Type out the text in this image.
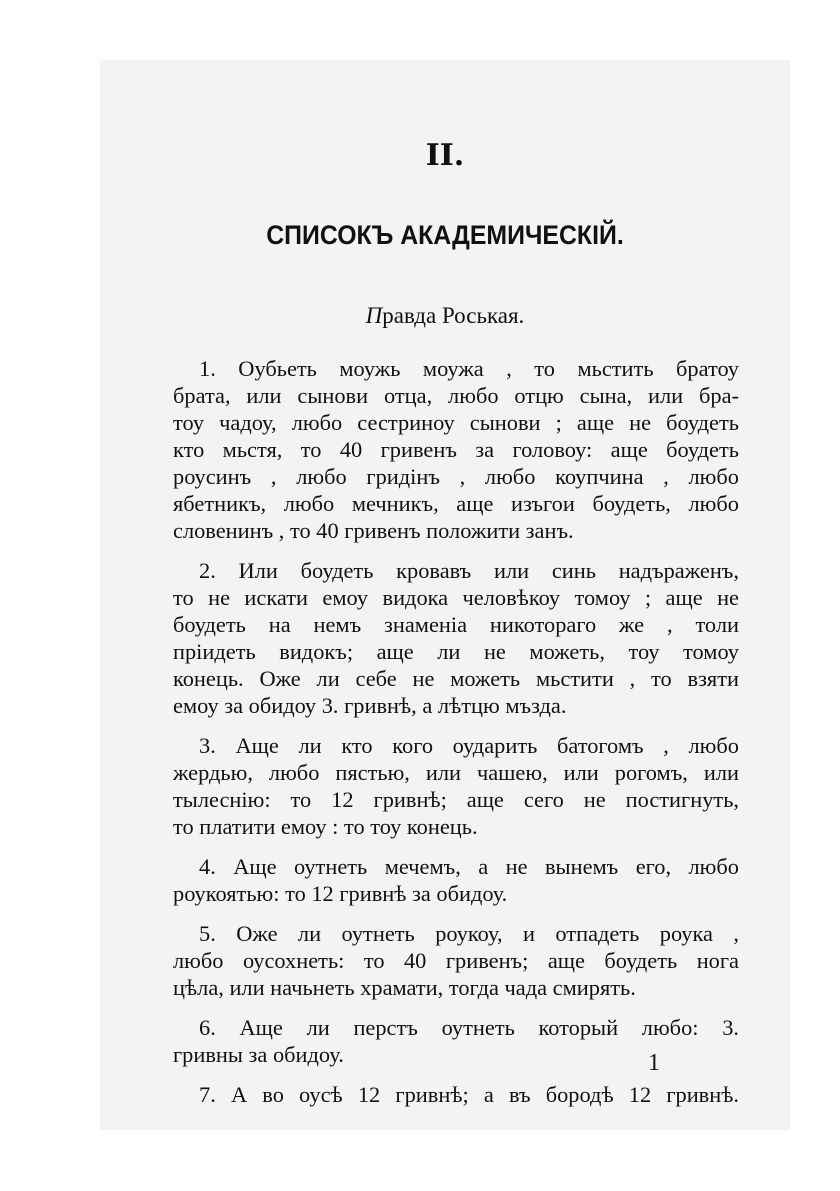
II.
СПИСОКЪ АКАДЕМИЧЕСКІЙ.
Правда Роськая.
1. Оубьеть моужь моужа , то мьстить братоу
брата, или сынови отца, любо отцю сына, или бра-
тоу чадоу, любо сестриноу сынови ; аще не боудеть
кто мьстя, то 40 гривенъ за головоу: аще боудеть
роусинъ , любо гридінъ , любо коупчина , любо
ябетникъ, любо мечникъ, аще изъгои боудеть, любо
словенинъ , то 40 гривенъ положити занъ.
2. Или боудеть кровавъ или синь надъраженъ,
то не искати емоу видока человѣкоу томоу ; аще не
боудеть на немъ знаменіа никотораго же , толи
пріидеть видокъ; аще ли не можеть, тоу томоу
конець. Оже ли себе не можеть мьстити , то взяти
емоу за обидоу 3. гривнѣ, а лѣтцю мъзда.
3. Аще ли кто кого оударить батогомъ , любо
жердью, любо пястью, или чашею, или рогомъ, или
тылеснію: то 12 гривнѣ; аще сего не постигнуть,
то платити емоу : то тоу конець.
4. Аще оутнеть мечемъ, а не вынемъ его, любо
роукоятью: то 12 гривнѣ за обидоу.
5. Оже ли оутнеть роукоу, и отпадеть роука ,
любо оусохнеть: то 40 гривенъ; аще боудеть нога
цѣла, или начьнеть храмати, тогда чада смирять.
6. Аще ли перстъ оутнеть который любо: 3.
гривны за обидоу.
7. А во оусѣ 12 гривнѣ; а въ бородѣ 12 гривнѣ.
1
